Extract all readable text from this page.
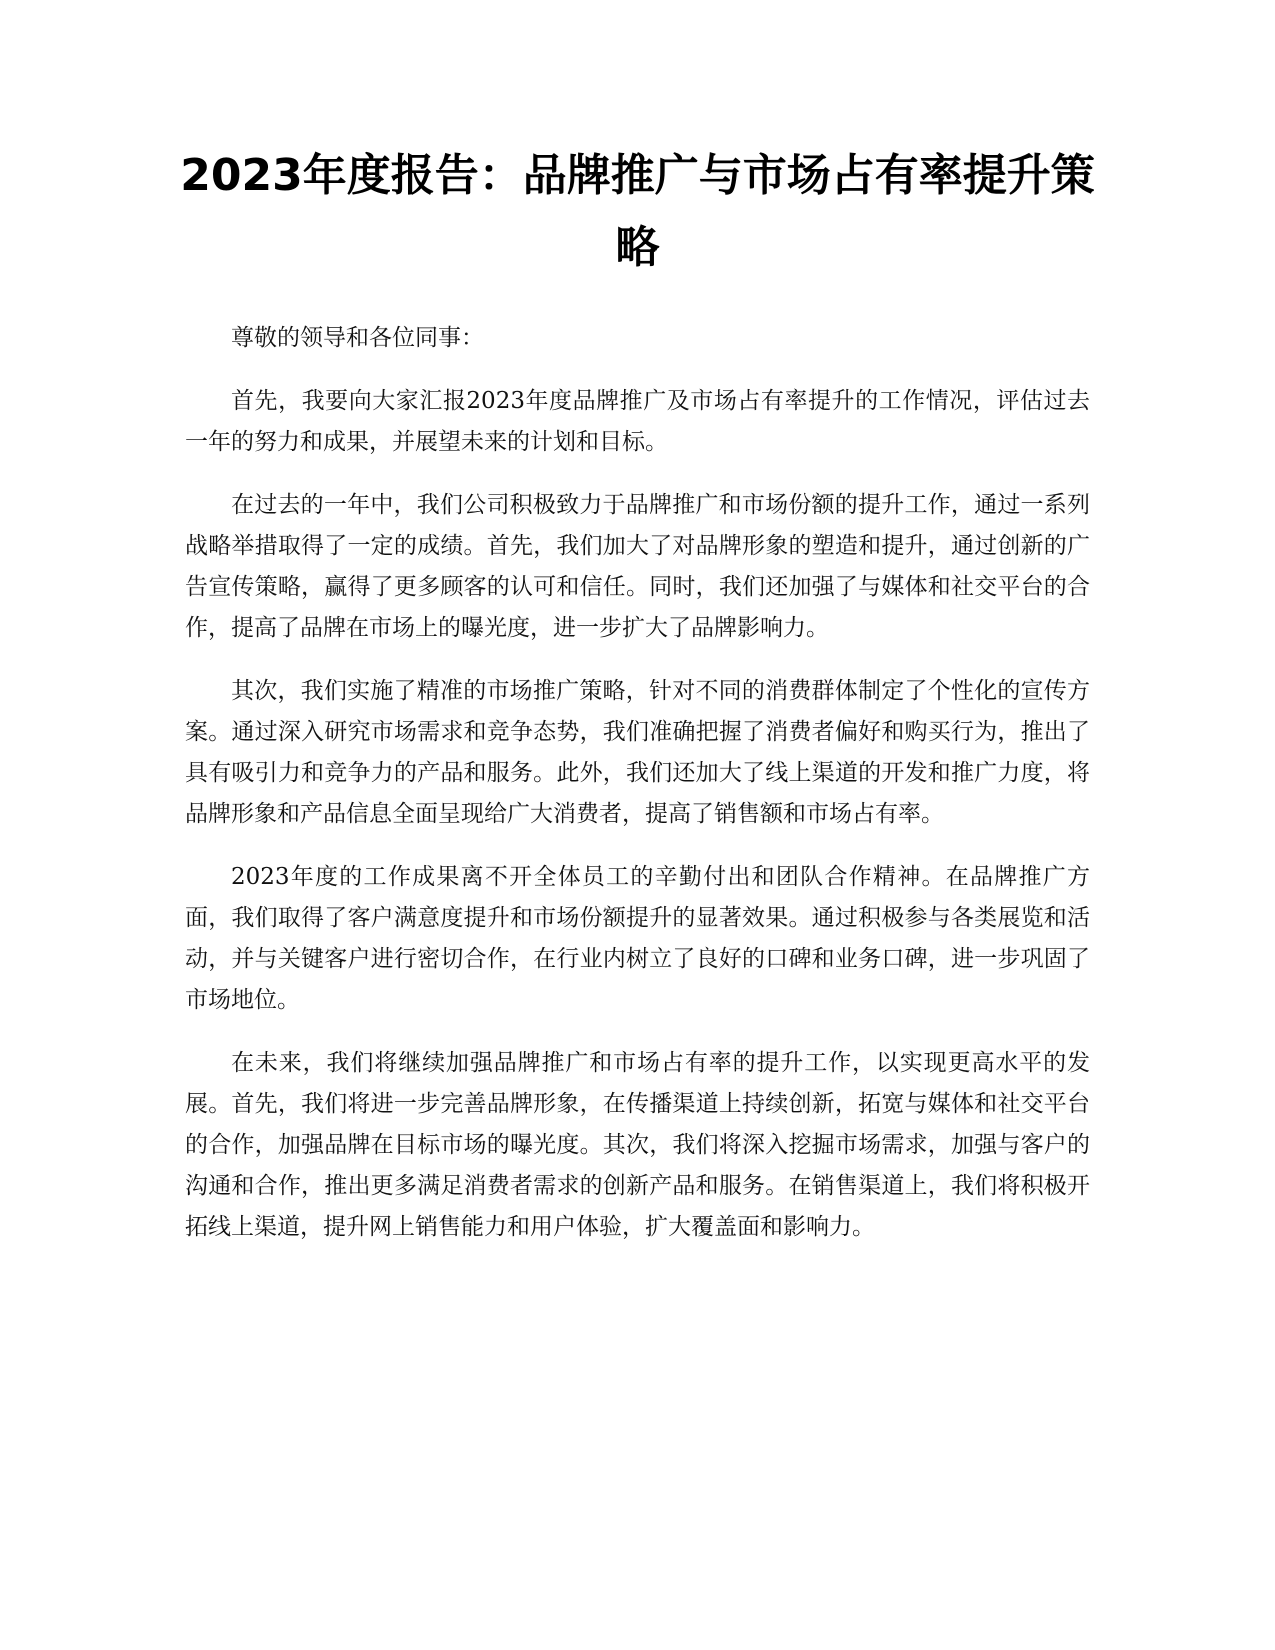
2023年度报告：品牌推广与市场占有率提升策略

尊敬的领导和各位同事：

首先，我要向大家汇报2023年度品牌推广及市场占有率提升的工作情况，评估过去一年的努力和成果，并展望未来的计划和目标。

在过去的一年中，我们公司积极致力于品牌推广和市场份额的提升工作，通过一系列战略举措取得了一定的成绩。首先，我们加大了对品牌形象的塑造和提升，通过创新的广告宣传策略，赢得了更多顾客的认可和信任。同时，我们还加强了与媒体和社交平台的合作，提高了品牌在市场上的曝光度，进一步扩大了品牌影响力。

其次，我们实施了精准的市场推广策略，针对不同的消费群体制定了个性化的宣传方案。通过深入研究市场需求和竞争态势，我们准确把握了消费者偏好和购买行为，推出了具有吸引力和竞争力的产品和服务。此外，我们还加大了线上渠道的开发和推广力度，将品牌形象和产品信息全面呈现给广大消费者，提高了销售额和市场占有率。

2023年度的工作成果离不开全体员工的辛勤付出和团队合作精神。在品牌推广方面，我们取得了客户满意度提升和市场份额提升的显著效果。通过积极参与各类展览和活动，并与关键客户进行密切合作，在行业内树立了良好的口碑和业务口碑，进一步巩固了市场地位。

在未来，我们将继续加强品牌推广和市场占有率的提升工作，以实现更高水平的发展。首先，我们将进一步完善品牌形象，在传播渠道上持续创新，拓宽与媒体和社交平台的合作，加强品牌在目标市场的曝光度。其次，我们将深入挖掘市场需求，加强与客户的沟通和合作，推出更多满足消费者需求的创新产品和服务。在销售渠道上，我们将积极开拓线上渠道，提升网上销售能力和用户体验，扩大覆盖面和影响力。
